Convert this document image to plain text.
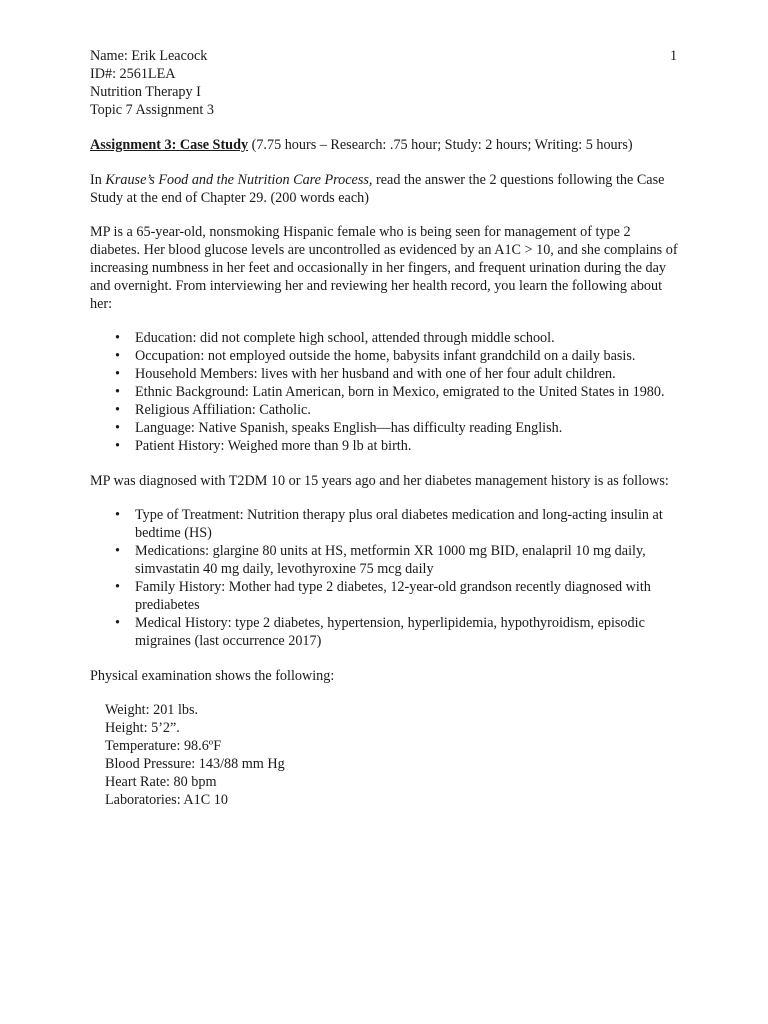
1
Name: Erik Leacock
ID#: 2561LEA
Nutrition Therapy I
Topic 7 Assignment 3

Assignment 3: Case Study (7.75 hours – Research: .75 hour; Study: 2 hours; Writing: 5 hours)

In Krause’s Food and the Nutrition Care Process, read the answer the 2 questions following the Case Study at the end of Chapter 29. (200 words each)

MP is a 65-year-old, nonsmoking Hispanic female who is being seen for management of type 2 diabetes. Her blood glucose levels are uncontrolled as evidenced by an A1C > 10, and she complains of increasing numbness in her feet and occasionally in her fingers, and frequent urination during the day and overnight. From interviewing her and reviewing her health record, you learn the following about her:

• Education: did not complete high school, attended through middle school.
• Occupation: not employed outside the home, babysits infant grandchild on a daily basis.
• Household Members: lives with her husband and with one of her four adult children.
• Ethnic Background: Latin American, born in Mexico, emigrated to the United States in 1980.
• Religious Affiliation: Catholic.
• Language: Native Spanish, speaks English—has difficulty reading English.
• Patient History: Weighed more than 9 lb at birth.

MP was diagnosed with T2DM 10 or 15 years ago and her diabetes management history is as follows:

• Type of Treatment: Nutrition therapy plus oral diabetes medication and long-acting insulin at bedtime (HS)
• Medications: glargine 80 units at HS, metformin XR 1000 mg BID, enalapril 10 mg daily, simvastatin 40 mg daily, levothyroxine 75 mcg daily
• Family History: Mother had type 2 diabetes, 12-year-old grandson recently diagnosed with prediabetes
• Medical History: type 2 diabetes, hypertension, hyperlipidemia, hypothyroidism, episodic migraines (last occurrence 2017)

Physical examination shows the following:

Weight: 201 lbs.
Height: 5’2”.
Temperature: 98.6ºF
Blood Pressure: 143/88 mm Hg
Heart Rate: 80 bpm
Laboratories: A1C 10
